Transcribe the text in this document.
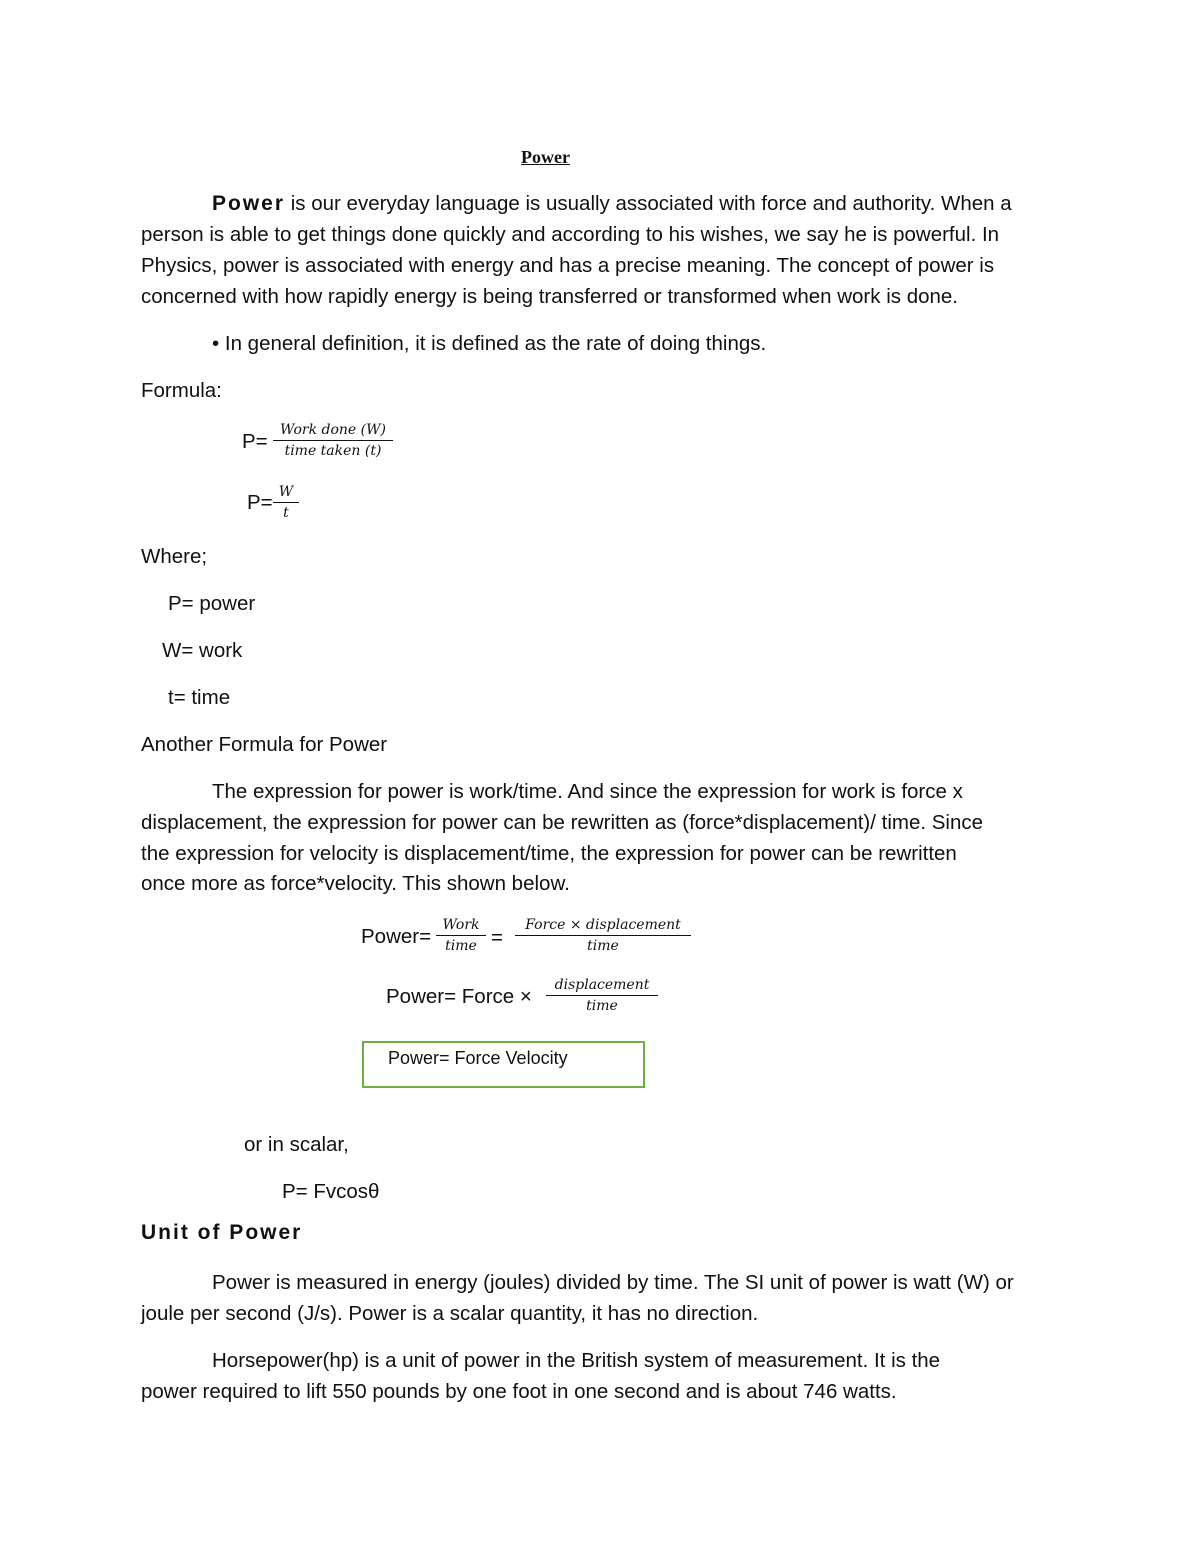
Power
Power is our everyday language is usually associated with force and authority. When a
person is able to get things done quickly and according to his wishes, we say he is powerful. In
Physics, power is associated with energy and has a precise meaning. The concept of power is
concerned with how rapidly energy is being transferred or transformed when work is done.
• In general definition, it is defined as the rate of doing things.
Formula:
P= Work done (W)
time taken (t)
P= W
t
Where;
P= power
W= work
t= time
Another Formula for Power
The expression for power is work/time. And since the expression for work is force x
displacement, the expression for power can be rewritten as (force*displacement)/ time. Since
the expression for velocity is displacement/time, the expression for power can be rewritten
once more as force*velocity. This shown below.
Power= Work
time =
Force × displacement
time
Power= Force ×	displacement
time
Power= Force Velocity
or in scalar,
P= Fvcosθ
Unit of Power
Power is measured in energy (joules) divided by time. The SI unit of power is watt (W) or
joule per second (J/s). Power is a scalar quantity, it has no direction.
Horsepower(hp) is a unit of power in the British system of measurement. It is the
power required to lift 550 pounds by one foot in one second and is about 746 watts.
